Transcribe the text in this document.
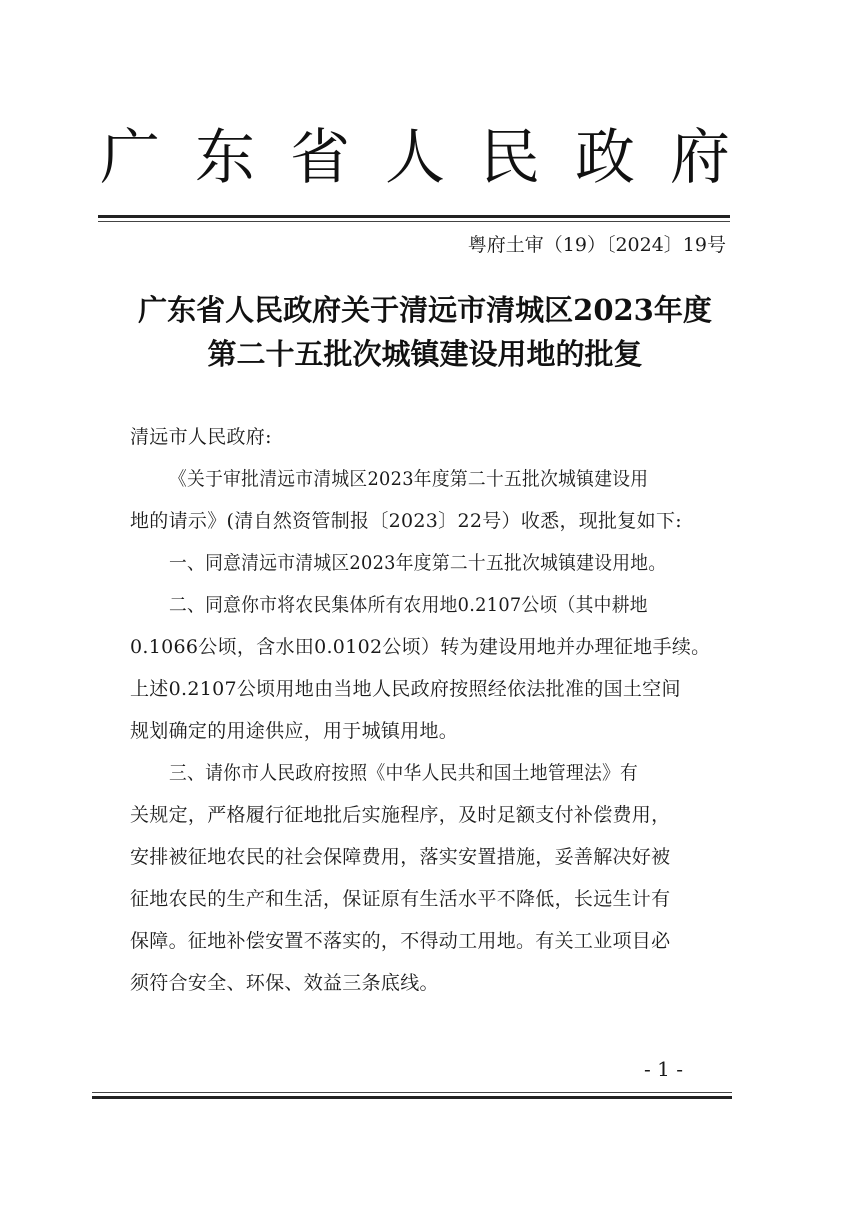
广 东 省 人 民 政 府
粤府土审（19）〔2024〕19号
广东省人民政府关于清远市清城区2023年度
第二十五批次城镇建设用地的批复
清远市人民政府:
《关于审批清远市清城区2023年度第二十五批次城镇建设用
地的请示》(清自然资管制报〔2023〕22号）收悉，现批复如下:
一、同意清远市清城区2023年度第二十五批次城镇建设用地。
二、同意你市将农民集体所有农用地0.2107公顷（其中耕地
0.1066公顷，含水田0.0102公顷）转为建设用地并办理征地手续。
上述0.2107公顷用地由当地人民政府按照经依法批准的国土空间
规划确定的用途供应，用于城镇用地。
三、请你市人民政府按照《中华人民共和国土地管理法》有
关规定，严格履行征地批后实施程序，及时足额支付补偿费用，
安排被征地农民的社会保障费用，落实安置措施，妥善解决好被
征地农民的生产和生活，保证原有生活水平不降低，长远生计有
保障。征地补偿安置不落实的，不得动工用地。有关工业项目必
须符合安全、环保、效益三条底线。
- 1 -
